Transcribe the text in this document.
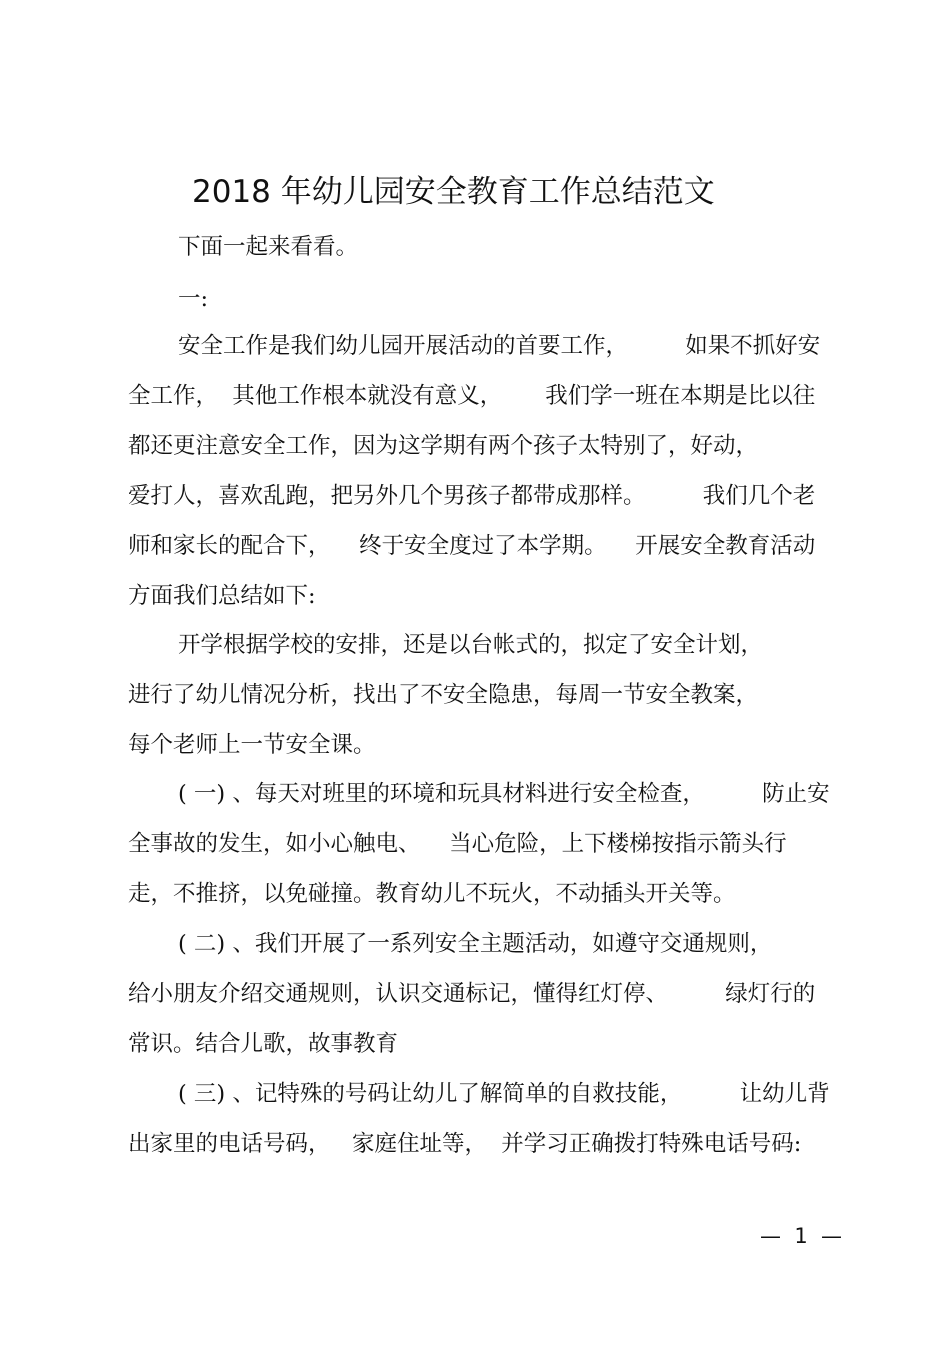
2018 年幼儿园安全教育工作总结范文
下面一起来看看。
一:
安全工作是我们幼儿园开展活动的首要工作，        如果不抓好安
全工作，  其他工作根本就没有意义，      我们学一班在本期是比以往
都还更注意安全工作，因为这学期有两个孩子太特别了，好动，
爱打人，喜欢乱跑，把另外几个男孩子都带成那样。        我们几个老
师和家长的配合下，    终于安全度过了本学期。    开展安全教育活动
方面我们总结如下:
开学根据学校的安排，还是以台帐式的，拟定了安全计划，
进行了幼儿情况分析，找出了不安全隐患，每周一节安全教案，
每个老师上一节安全课。
( 一) 、每天对班里的环境和玩具材料进行安全检查，        防止安
全事故的发生，如小心触电、    当心危险，上下楼梯按指示箭头行
走，不推挤，以免碰撞。教育幼儿不玩火，不动插头开关等。
( 二) 、我们开展了一系列安全主题活动，如遵守交通规则，
给小朋友介绍交通规则，认识交通标记，懂得红灯停、        绿灯行的
常识。结合儿歌，故事教育
( 三) 、记特殊的号码让幼儿了解简单的自救技能，        让幼儿背
出家里的电话号码，   家庭住址等，  并学习正确拨打特殊电话号码:
—  1  —
